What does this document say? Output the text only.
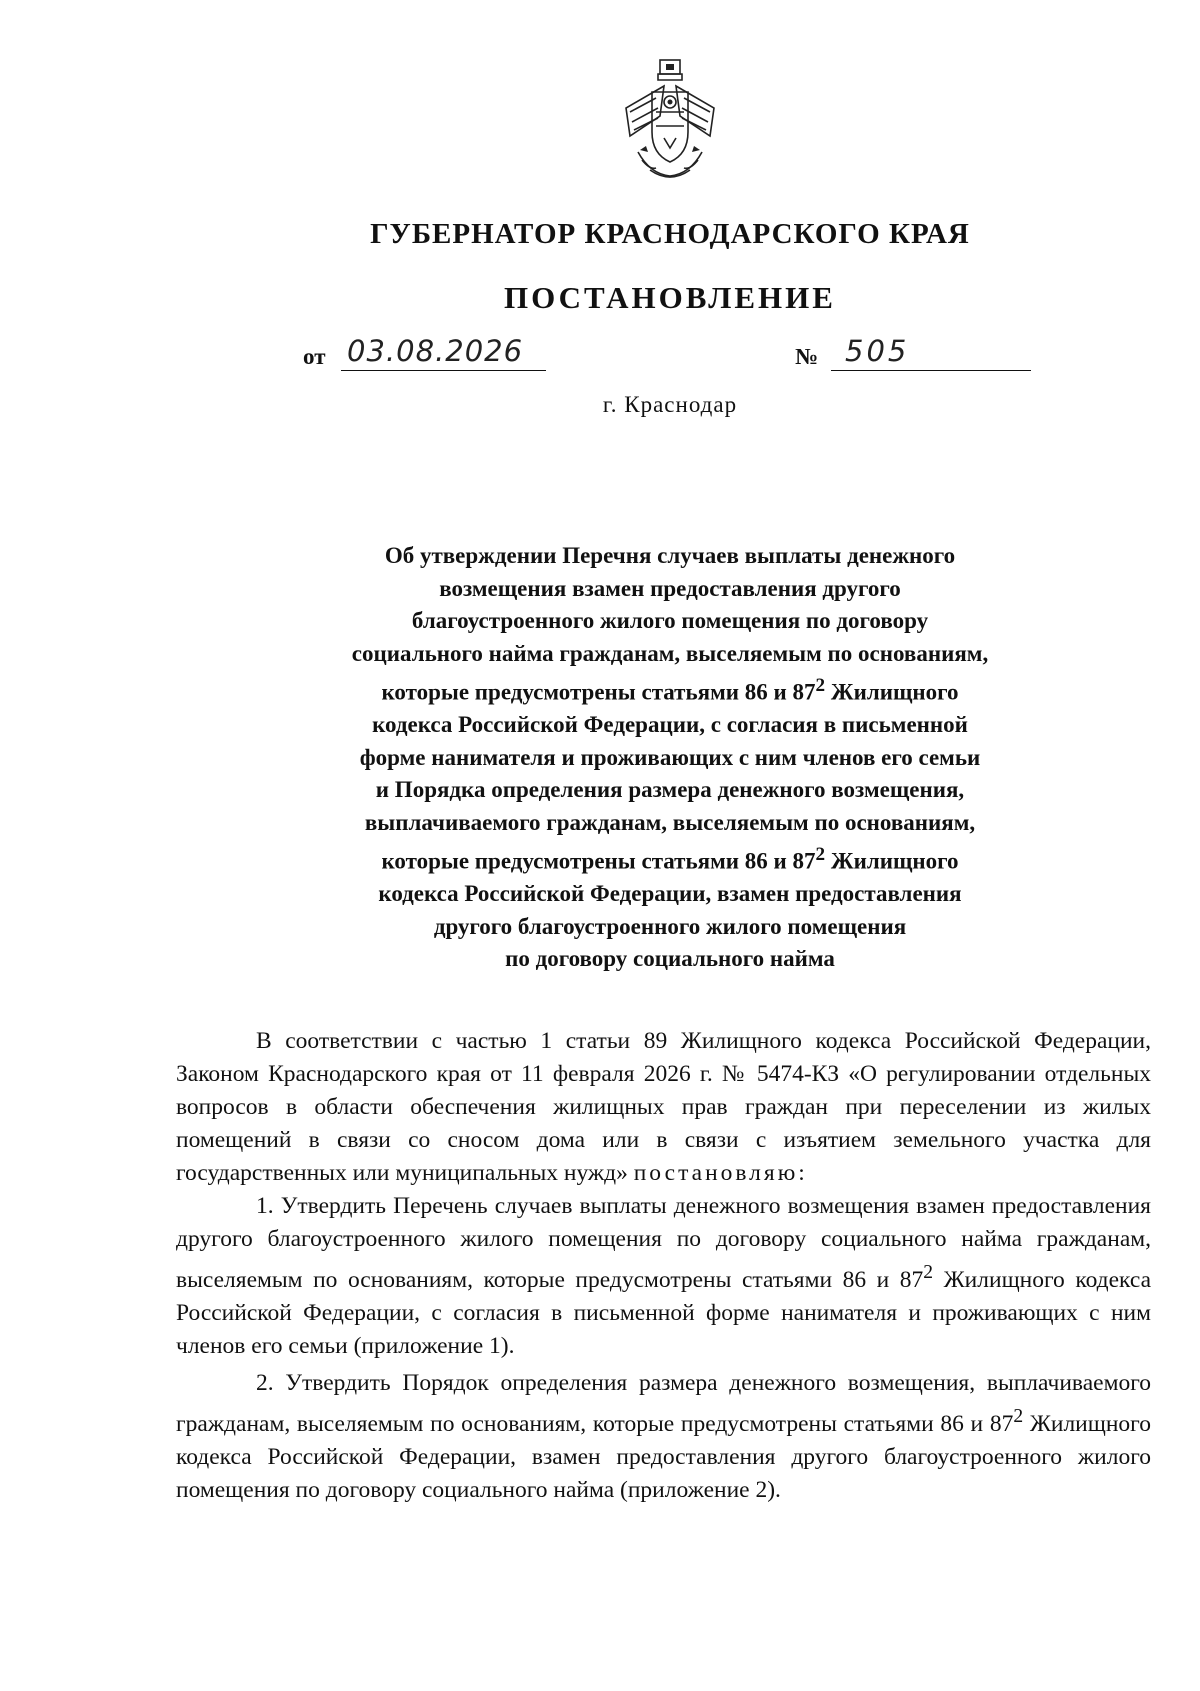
ГУБЕРНАТОР КРАСНОДАРСКОГО КРАЯ
ПОСТАНОВЛЕНИЕ
от 03.08.2026	№ 505
г. Краснодар
Об утверждении Перечня случаев выплаты денежного
возмещения взамен предоставления другого
благоустроенного жилого помещения по договору
социального найма гражданам, выселяемым по основаниям,
которые предусмотрены статьями 86 и $87^2$ Жилищного
кодекса Российской Федерации, с согласия в письменной
форме нанимателя и проживающих с ним членов его семьи
и Порядка определения размера денежного возмещения,
выплачиваемого гражданам, выселяемым по основаниям,
которые предусмотрены статьями 86 и $87^2$ Жилищного
кодекса Российской Федерации, взамен предоставления
другого благоустроенного жилого помещения
по договору социального найма

В соответствии с частью 1 статьи 89 Жилищного кодекса Российской Федерации, Законом Краснодарского края от 11 февраля 2026 г. № 5474-КЗ «О регулировании отдельных вопросов в области обеспечения жилищных прав граждан при переселении из жилых помещений в связи со сносом дома или в связи с изъятием земельного участка для государственных или муниципальных нужд» постановляю:

1. Утвердить Перечень случаев выплаты денежного возмещения взамен предоставления другого благоустроенного жилого помещения по договору социального найма гражданам, выселяемым по основаниям, которые предусмотрены статьями 86 и $87^2$ Жилищного кодекса Российской Федерации, с согласия в письменной форме нанимателя и проживающих с ним членов его семьи (приложение 1).

2. Утвердить Порядок определения размера денежного возмещения, выплачиваемого гражданам, выселяемым по основаниям, которые предусмотрены статьями 86 и $87^2$ Жилищного кодекса Российской Федерации, взамен предоставления другого благоустроенного жилого помещения по договору социального найма (приложение 2).
